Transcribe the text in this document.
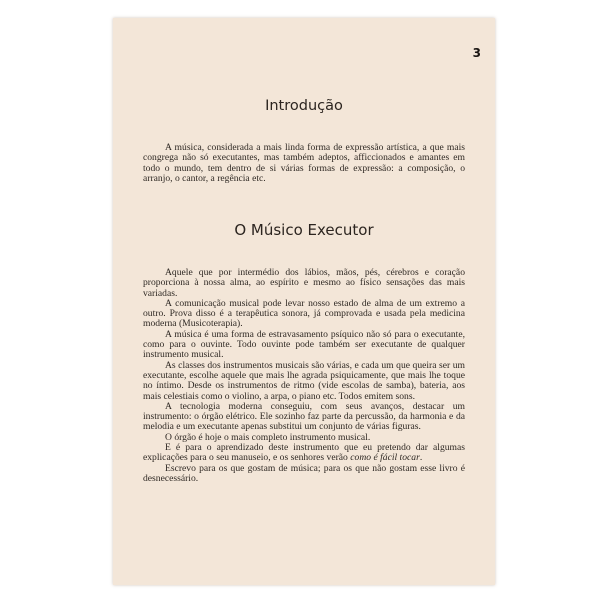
3
Introdução

A música, considerada a mais linda forma de expressão artística, a que mais congrega não só executantes, mas também adeptos, afficcionados e amantes em todo o mundo, tem dentro de si várias formas de expressão: a composição, o arranjo, o cantor, a regência etc.

O Músico Executor

Aquele que por intermédio dos lábios, mãos, pés, cérebros e coração proporciona à nossa alma, ao espírito e mesmo ao físico sensações das mais variadas.

A comunicação musical pode levar nosso estado de alma de um extremo a outro. Prova disso é a terapêutica sonora, já comprovada e usada pela medicina moderna (Musicoterapia).

A música é uma forma de estravasamento psíquico não só para o executante, como para o ouvinte. Todo ouvinte pode também ser executante de qualquer instrumento musical.

As classes dos instrumentos musicais são várias, e cada um que queira ser um executante, escolhe aquele que mais lhe agrada psiquicamente, que mais lhe toque no íntimo. Desde os instrumentos de ritmo (vide escolas de samba), bateria, aos mais celestiais como o violino, a arpa, o piano etc. Todos emitem sons.

A tecnologia moderna conseguiu, com seus avanços, destacar um instrumento: o órgão elétrico. Ele sozinho faz parte da percussão, da harmonia e da melodia e um executante apenas substitui um conjunto de várias figuras.

O órgão é hoje o mais completo instrumento musical.

E é para o aprendizado deste instrumento que eu pretendo dar algumas explicações para o seu manuseio, e os senhores verão como é fácil tocar.

Escrevo para os que gostam de música; para os que não gostam esse livro é desnecessário.
